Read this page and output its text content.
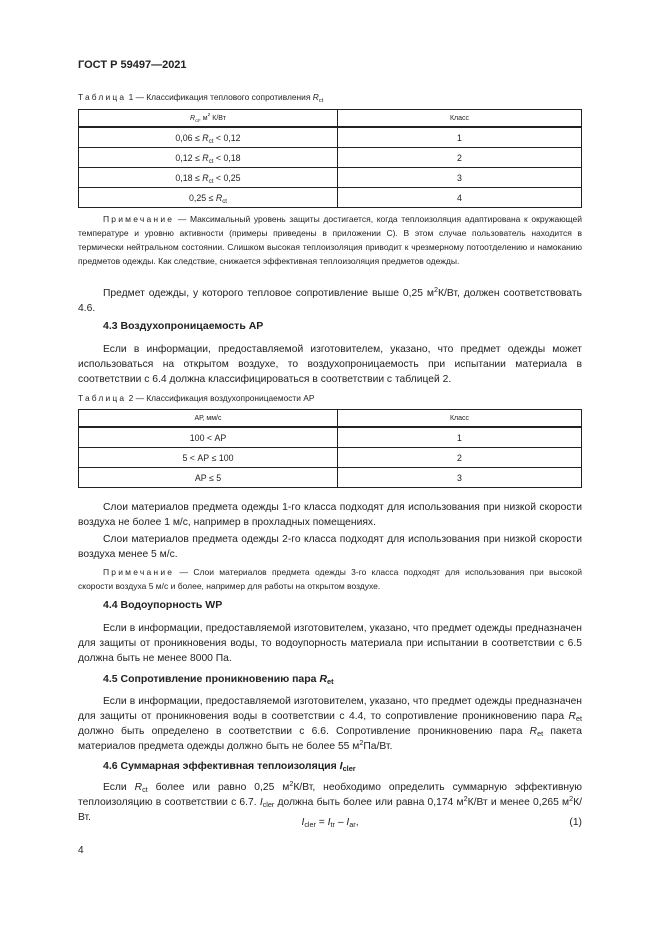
ГОСТ Р 59497—2021
Таблица 1 — Классификация теплового сопротивления $R_{ct}$
$R_{ct}$, $м^2$ К/Вт	Класс
$0,06 \le R_{ct} < 0,12$	1
$0,12 \le R_{ct} < 0,18$	2
$0,18 \le R_{ct} < 0,25$	3
$0,25 \le R_{ct}$	4
Примечание — Максимальный уровень защиты достигается, когда теплоизоляция адаптирована к окружающей температуре и уровню активности (примеры приведены в приложении С). В этом случае пользователь находится в термически нейтральном состоянии. Слишком высокая теплоизоляция приводит к чрезмерному потоотделению и намоканию предметов одежды. Как следствие, снижается эффективная теплоизоляция предметов одежды.
Предмет одежды, у которого тепловое сопротивление выше 0,25 $м^2К/Вт$, должен соответствовать 4.6.
4.3 Воздухопроницаемость АР
Если в информации, предоставляемой изготовителем, указано, что предмет одежды может использоваться на открытом воздухе, то воздухопроницаемость при испытании материала в соответствии с 6.4 должна классифицироваться в соответствии с таблицей 2.
Таблица 2 — Классификация воздухопроницаемости АР
АР, мм/с	Класс
100 < АР	1
5 < АР ≤ 100	2
АР ≤ 5	3
Слои материалов предмета одежды 1-го класса подходят для использования при низкой скорости воздуха не более 1 м/с, например в прохладных помещениях.
Слои материалов предмета одежды 2-го класса подходят для использования при низкой скорости воздуха менее 5 м/с.
Примечание — Слои материалов предмета одежды 3-го класса подходят для использования при высокой скорости воздуха 5 м/с и более, например для работы на открытом воздухе.
4.4 Водоупорность WP
Если в информации, предоставляемой изготовителем, указано, что предмет одежды предназначен для защиты от проникновения воды, то водоупорность материала при испытании в соответствии с 6.5 должна быть не менее 8000 Па.
4.5 Сопротивление проникновению пара $R_{et}$
Если в информации, предоставляемой изготовителем, указано, что предмет одежды предназначен для защиты от проникновения воды в соответствии с 4.4, то сопротивление проникновению пара $R_{et}$ должно быть определено в соответствии с 6.6. Сопротивление проникновению пара $R_{et}$ пакета материалов предмета одежды должно быть не более 55 $м^2Па/Вт$.
4.6 Суммарная эффективная теплоизоляция $I_{cler}$
Если $R_{ct}$ более или равно 0,25 $м^2К/Вт$, необходимо определить суммарную эффективную теплоизоляцию в соответствии с 6.7. $I_{cler}$ должна быть более или равна 0,174 $м^2К/Вт$ и менее 0,265 $м^2К/Вт$.	$I_{cler} = I_{tr} - I_{ar}$,	(1)
4
